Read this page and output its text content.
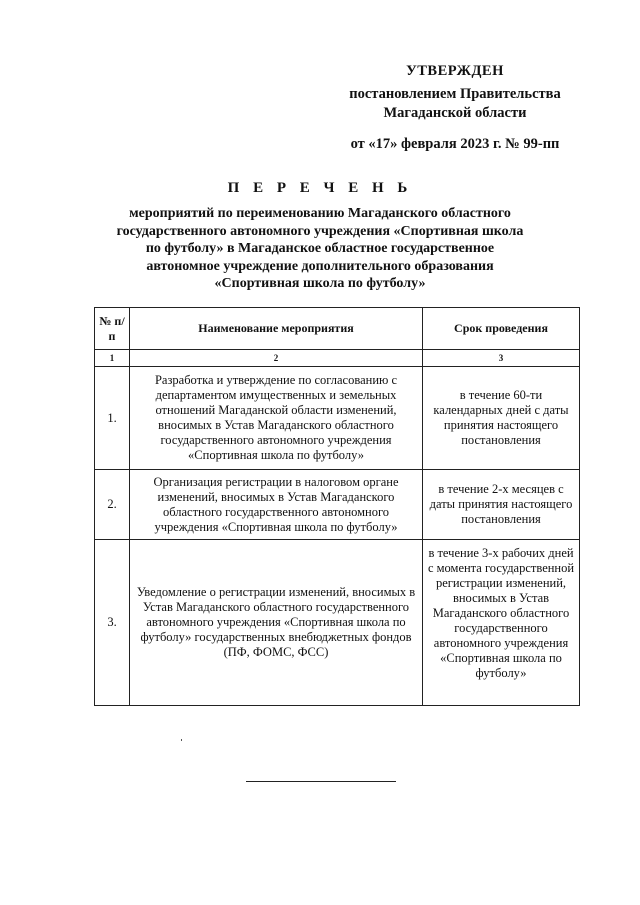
УТВЕРЖДЕН
постановлением Правительства
Магаданской области
от «17» февраля 2023 г. № 99-пп
П Е Р Е Ч Е Н Ь
мероприятий по переименованию Магаданского областного государственного автономного учреждения «Спортивная школа по футболу» в Магаданское областное государственное автономное учреждение дополнительного образования «Спортивная школа по футболу»
№ п/п	Наименование мероприятия	Срок проведения
1	2	3
1.	Разработка и утверждение по согласованию с департаментом имущественных и земельных отношений Магаданской области изменений, вносимых в Устав Магаданского областного государственного автономного учреждения «Спортивная школа по футболу»	в течение 60-ти календарных дней с даты принятия настоящего постановления
2.	Организация регистрации в налоговом органе изменений, вносимых в Устав Магаданского областного государственного автономного учреждения «Спортивная школа по футболу»	в течение 2-х месяцев с даты принятия настоящего постановления
3.	Уведомление о регистрации изменений, вносимых в Устав Магаданского областного государственного автономного учреждения «Спортивная школа по футболу» государственных внебюджетных фондов (ПФ, ФОМС, ФСС)	в течение 3-х рабочих дней с момента государственной регистрации изменений, вносимых в Устав Магаданского областного государственного автономного учреждения «Спортивная школа по футболу»
